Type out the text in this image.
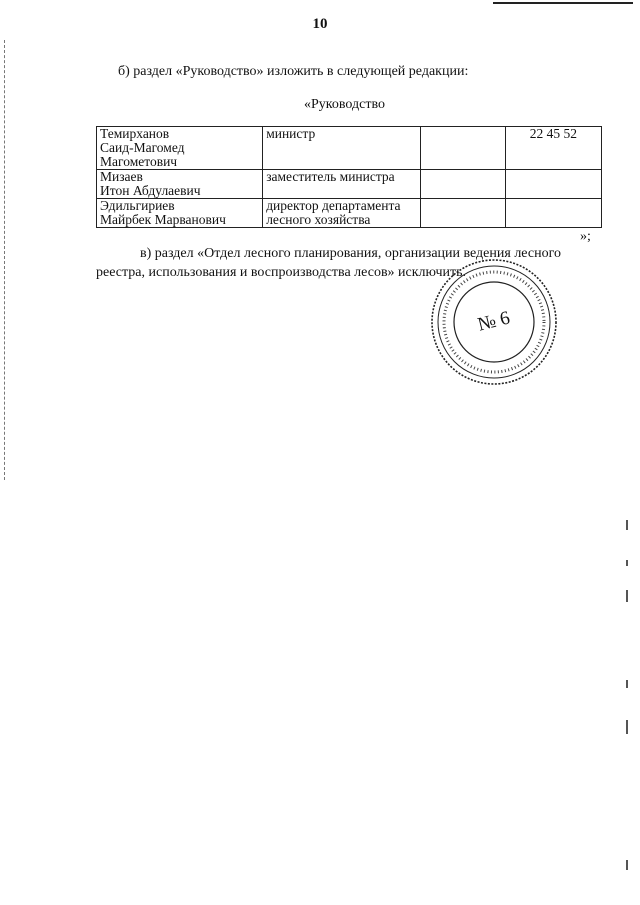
10
б) раздел «Руководство» изложить в следующей редакции:
«Руководство
Темирханов
Саид-Магомед
Магометович	министр		22 45 52

Мизаев
Итон Абдулаевич	заместитель министра		

Эдильгириев
Майрбек Марванович	директор департамента лесного хозяйства		
»;
в) раздел «Отдел лесного планирования, организации ведения лесного реестра, использования и воспроизводства лесов» исключить.
№ 6
